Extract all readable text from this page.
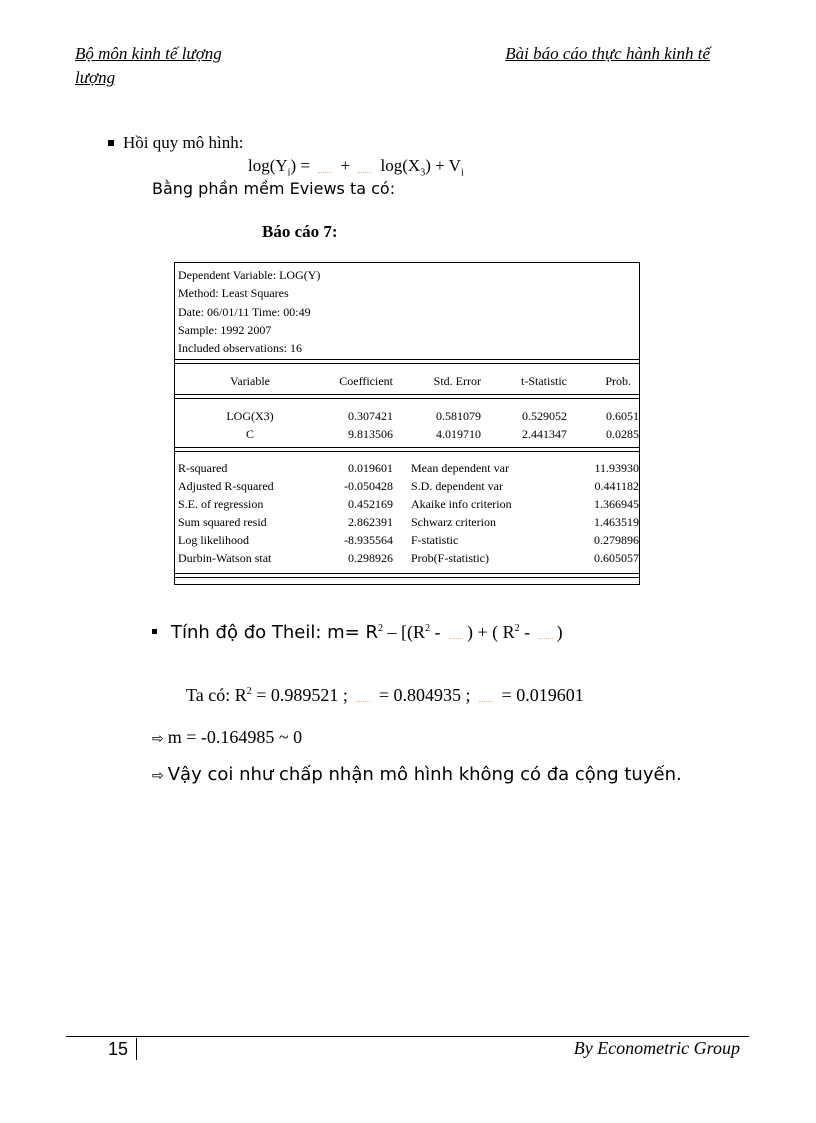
Bộ môn kinh tế lượng	Bài báo cáo thực hành kinh tế
lượng
Hồi quy mô hình:
$\log(Y_i)$ =  +  $\log(X_3) + V_i$
Bằng phần mềm Eviews ta có:
Báo cáo 7:
Dependent Variable: LOG(Y)
Method: Least Squares
Date: 06/01/11 Time: 00:49
Sample: 1992 2007
Included observations: 16
Variable	Coefficient	Std. Error	t-Statistic	Prob.
LOG(X3)	0.307421	0.581079	0.529052	0.6051
C	9.813506	4.019710	2.441347	0.0285
R-squared	0.019601 Mean dependent var	11.93930
Adjusted R-squared	-0.050428 S.D. dependent var	0.441182
S.E. of regression	0.452169 Akaike info criterion	1.366945
Sum squared resid	2.862391 Schwarz criterion	1.463519
Log likelihood	-8.935564 F-statistic	0.279896
Durbin-Watson stat	0.298926 Prob(F-statistic)	0.605057
Tính độ đo Theil: $m= R^2 - [(R^2$ - ) + ( $R^2$ - )
Ta có: $R^2 = 0.989521$ ;  = 0.804935 ;  = 0.019601
⇨ m = -0.164985 ~ 0
⇨ Vậy coi như chấp nhận mô hình không có đa cộng tuyến.
15	By Econometric Group
